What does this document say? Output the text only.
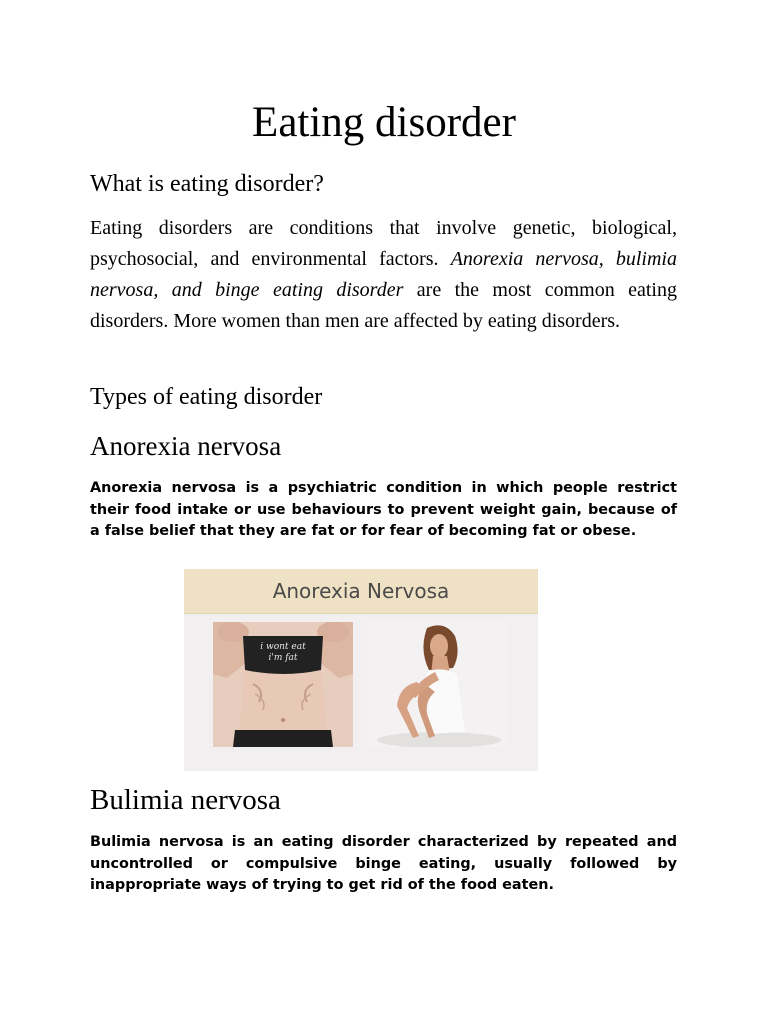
Eating disorder
What is eating disorder?

Eating disorders are conditions that involve genetic, biological, psychosocial, and environmental factors. Anorexia nervosa, bulimia nervosa, and binge eating disorder are the most common eating disorders. More women than men are affected by eating disorders.

Types of eating disorder
Anorexia nervosa

Anorexia nervosa is a psychiatric condition in which people restrict their food intake or use behaviours to prevent weight gain, because of a false belief that they are fat or for fear of becoming fat or obese.

Anorexia Nervosa
i wont eat
i'm fat
Bulimia nervosa

Bulimia nervosa is an eating disorder characterized by repeated and uncontrolled or compulsive binge eating, usually followed by inappropriate ways of trying to get rid of the food eaten.
